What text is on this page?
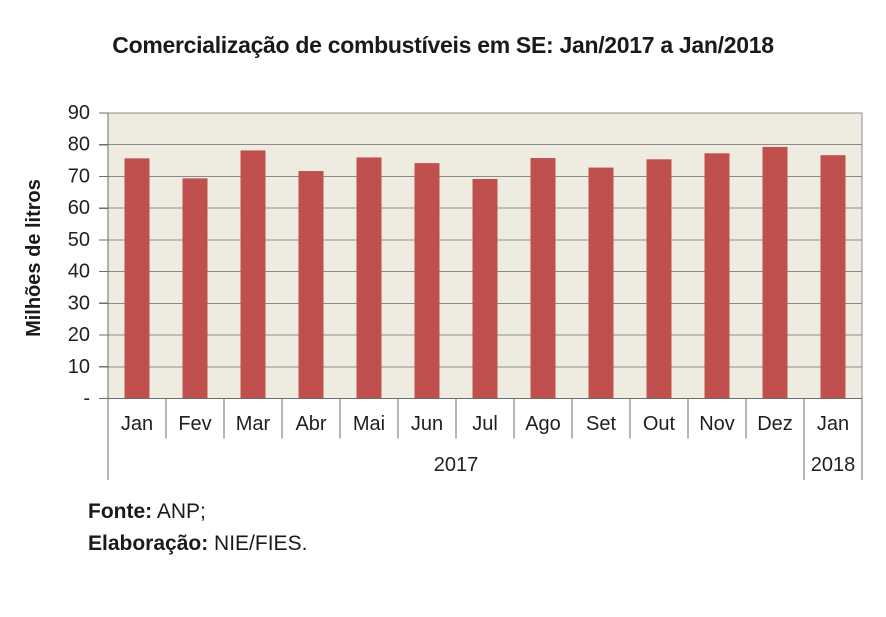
Comercialização de combustíveis em SE: Jan/2017 a Jan/2018
-
10
20
30
40
50
60
70
80
90
Jan Fev Mar Abr Mai Jun Jul Ago Set Out Nov Dez Jan
2017	2018
Milhões de litros
Fonte: ANP;
Elaboração: NIE/FIES.
